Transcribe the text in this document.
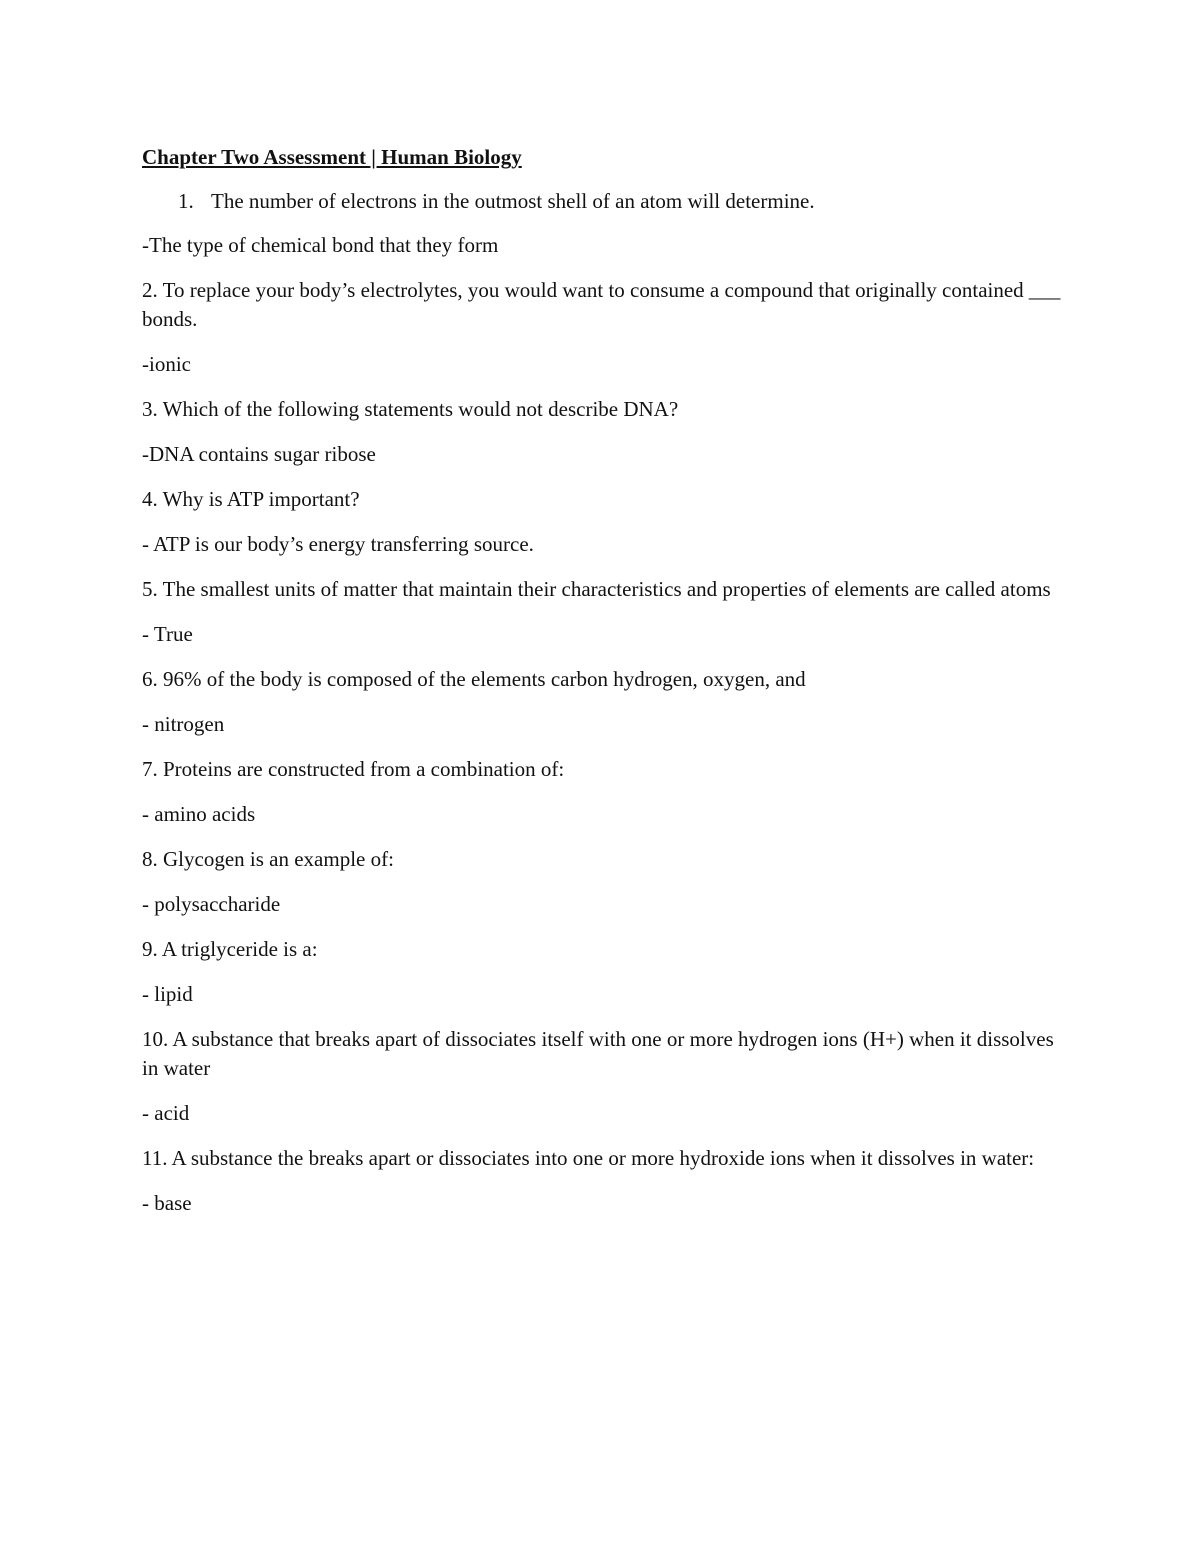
Chapter Two Assessment | Human Biology
1. The number of electrons in the outmost shell of an atom will determine.
-The type of chemical bond that they form
2. To replace your body’s electrolytes, you would want to consume a compound that originally contained ___ bonds.
-ionic
3. Which of the following statements would not describe DNA?
-DNA contains sugar ribose
4. Why is ATP important?
- ATP is our body’s energy transferring source.
5. The smallest units of matter that maintain their characteristics and properties of elements are called atoms
- True
6. 96% of the body is composed of the elements carbon hydrogen, oxygen, and
- nitrogen
7. Proteins are constructed from a combination of:
- amino acids
8. Glycogen is an example of:
- polysaccharide
9. A triglyceride is a:
- lipid
10. A substance that breaks apart of dissociates itself with one or more hydrogen ions (H+) when it dissolves in water
- acid
11. A substance the breaks apart or dissociates into one or more hydroxide ions when it dissolves in water:
- base
